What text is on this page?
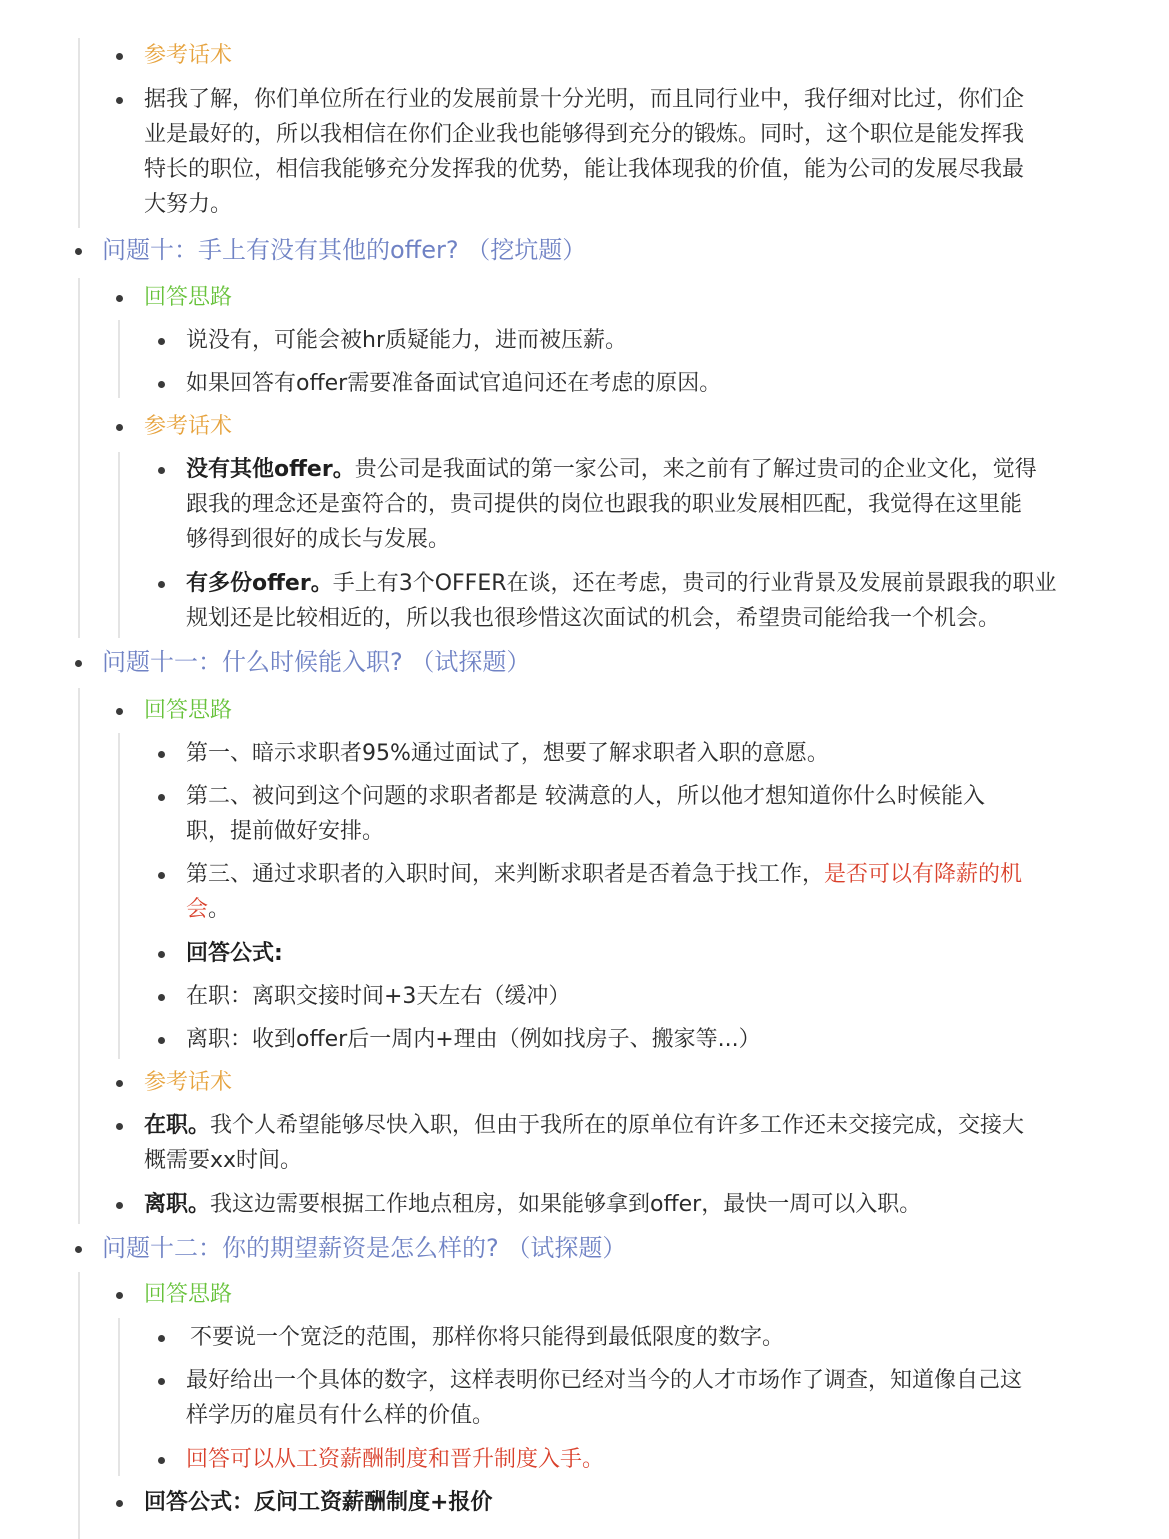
参考话术
据我了解，你们单位所在行业的发展前景十分光明，而且同行业中，我仔细对比过，你们企
业是最好的，所以我相信在你们企业我也能够得到充分的锻炼。同时，这个职位是能发挥我
特长的职位，相信我能够充分发挥我的优势，能让我体现我的价值，能为公司的发展尽我最
大努力。
问题十：手上有没有其他的offer? （挖坑题）
回答思路
说没有，可能会被hr质疑能力，进而被压薪。
如果回答有offer需要准备面试官追问还在考虑的原因。
参考话术
没有其他offer。贵公司是我面试的第一家公司，来之前有了解过贵司的企业文化，觉得
跟我的理念还是蛮符合的，贵司提供的岗位也跟我的职业发展相匹配，我觉得在这里能
够得到很好的成长与发展。
有多份offer。手上有3个OFFER在谈，还在考虑，贵司的行业背景及发展前景跟我的职业
规划还是比较相近的，所以我也很珍惜这次面试的机会，希望贵司能给我一个机会。
问题十一：什么时候能入职? （试探题）
回答思路
第一、暗示求职者95%通过面试了，想要了解求职者入职的意愿。
第二、被问到这个问题的求职者都是 较满意的人，所以他才想知道你什么时候能入
职，提前做好安排。
第三、通过求职者的入职时间，来判断求职者是否着急于找工作，是否可以有降薪的机
会。
回答公式:
在职：离职交接时间+3天左右（缓冲）
离职：收到offer后一周内+理由（例如找房子、搬家等...）
参考话术
在职。我个人希望能够尽快入职，但由于我所在的原单位有许多工作还未交接完成，交接大
概需要xx时间。
离职。我这边需要根据工作地点租房，如果能够拿到offer，最快一周可以入职。
问题十二：你的期望薪资是怎么样的? （试探题）
回答思路
不要说一个宽泛的范围，那样你将只能得到最低限度的数字。
最好给出一个具体的数字，这样表明你已经对当今的人才市场作了调查，知道像自己这
样学历的雇员有什么样的价值。
回答可以从工资薪酬制度和晋升制度入手。
回答公式：反问工资薪酬制度+报价
